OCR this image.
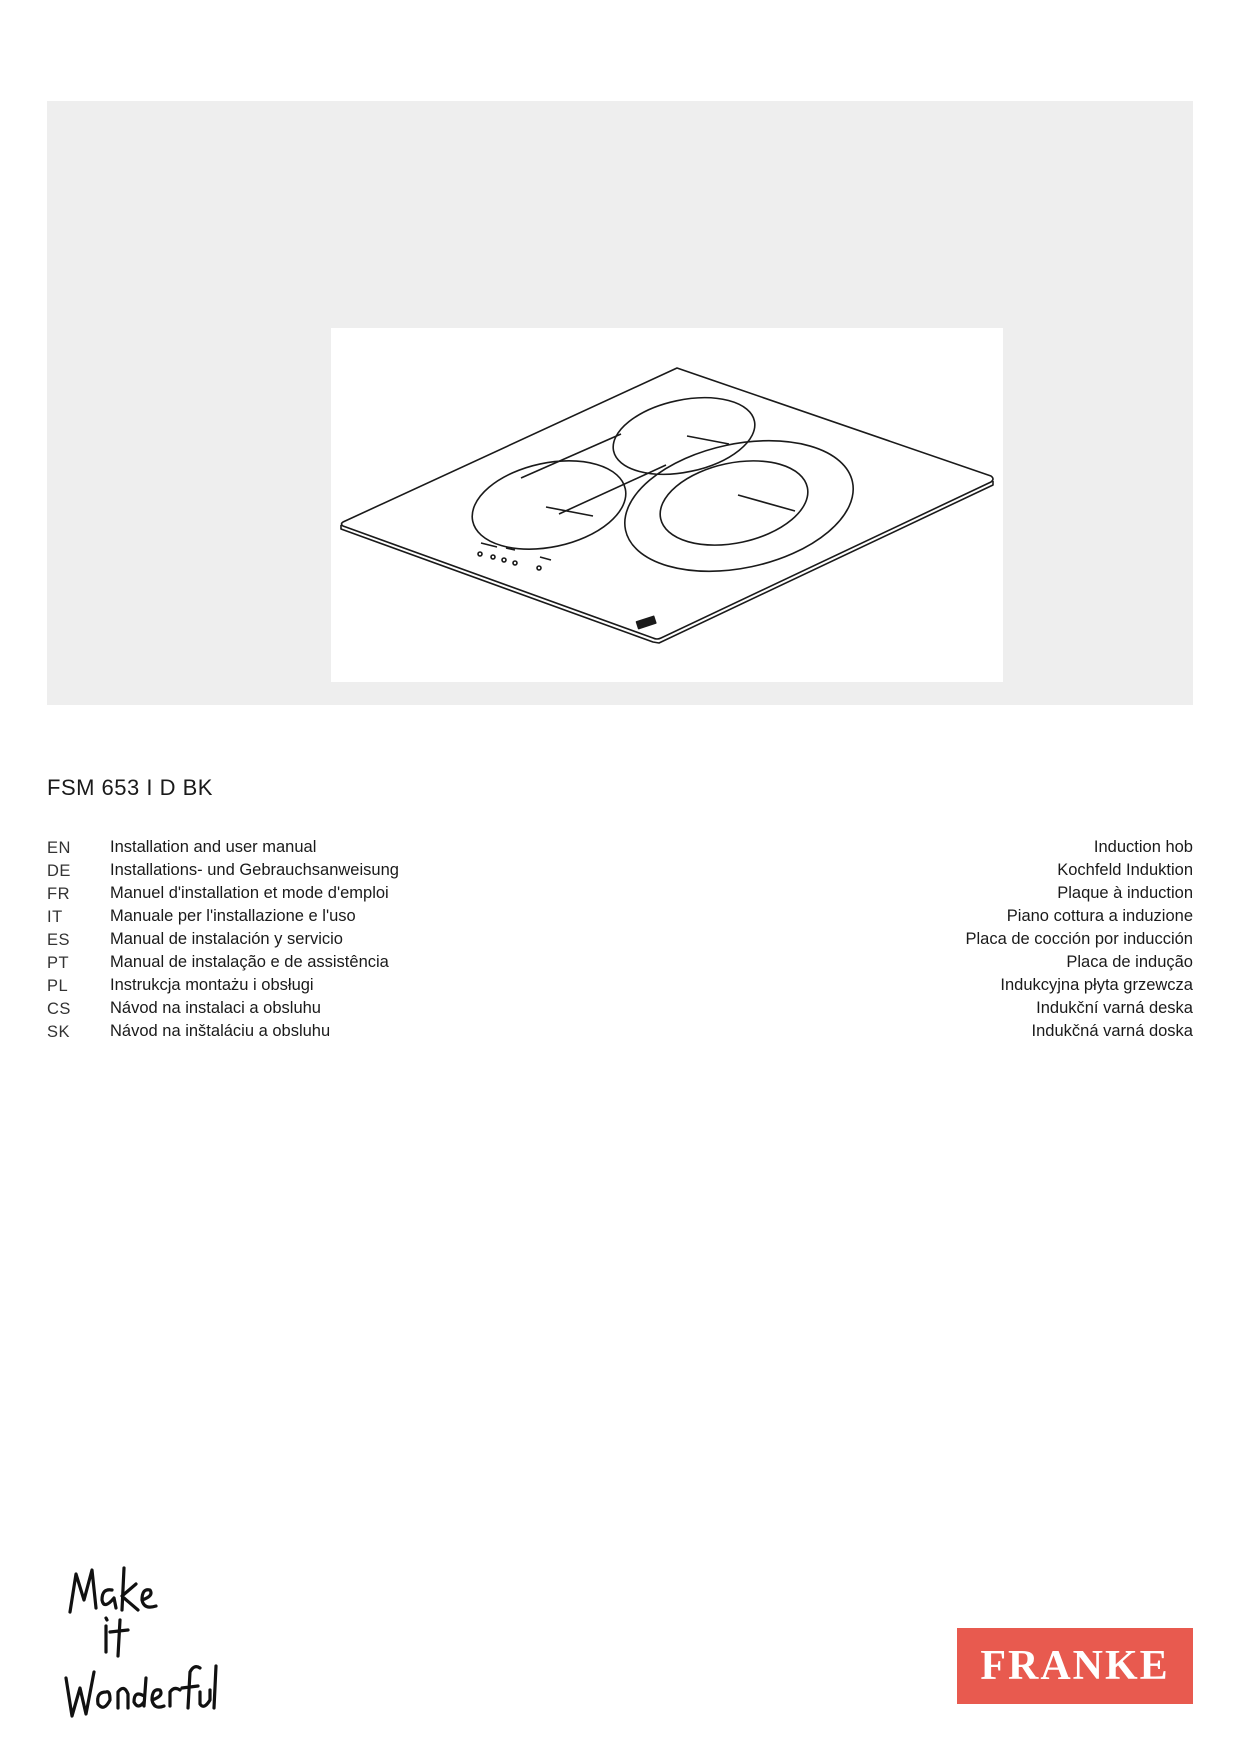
FSM 653 I D BK
EN Installation and user manual	Induction hob
DE Installations- und Gebrauchsanweisung	Kochfeld Induktion
FR Manuel d'installation et mode d'emploi	Plaque à induction
IT	Manuale per l'installazione e l'uso	Piano cottura a induzione
ES Manual de instalación y servicio	Placa de cocción por inducción
PT Manual de instalação e de assistência	Placa de indução
PL	Instrukcja montażu i obsługi	Indukcyjna płyta grzewcza
CS Návod na instalaci a obsluhu	Indukční varná deska
SK Návod na inštaláciu a obsluhu	Indukčná varná doska
FRANKE
